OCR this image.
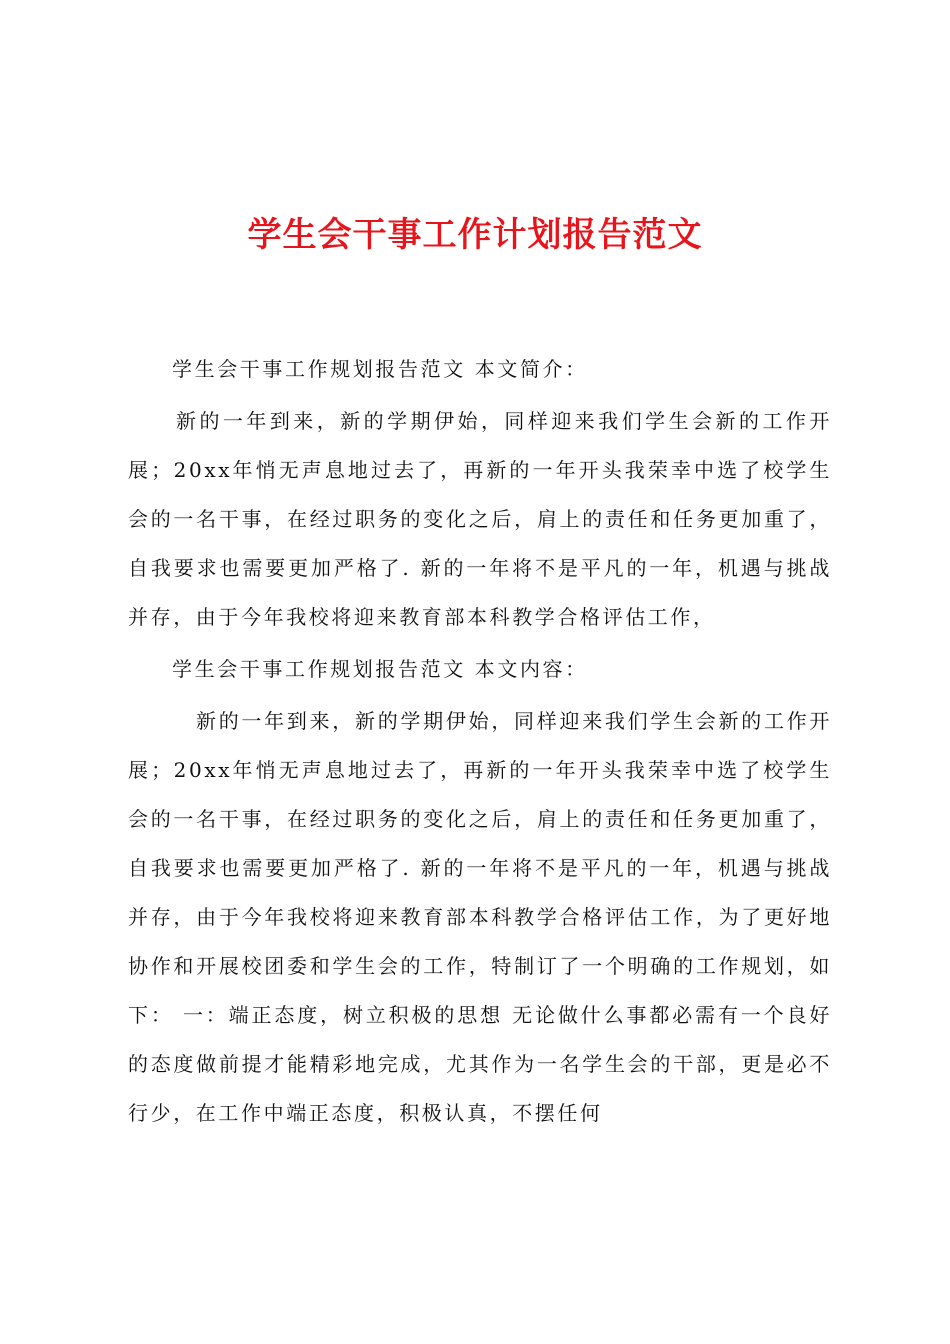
学生会干事工作计划报告范文

学生会干事工作规划报告范文 本文简介：

新的一年到来，新的学期伊始，同样迎来我们学生会新的工作开展；20xx年悄无声息地过去了，再新的一年开头我荣幸中选了校学生会的一名干事，在经过职务的变化之后，肩上的责任和任务更加重了，自我要求也需要更加严格了. 新的一年将不是平凡的一年，机遇与挑战并存，由于今年我校将迎来教育部本科教学合格评估工作，

学生会干事工作规划报告范文 本文内容：

新的一年到来，新的学期伊始，同样迎来我们学生会新的工作开展；20xx年悄无声息地过去了，再新的一年开头我荣幸中选了校学生会的一名干事，在经过职务的变化之后，肩上的责任和任务更加重了，自我要求也需要更加严格了. 新的一年将不是平凡的一年，机遇与挑战并存，由于今年我校将迎来教育部本科教学合格评估工作，为了更好地协作和开展校团委和学生会的工作，特制订了一个明确的工作规划，如下： 一：端正态度，树立积极的思想 无论做什么事都必需有一个良好的态度做前提才能精彩地完成，尤其作为一名学生会的干部，更是必不行少，在工作中端正态度，积极认真，不摆任何
